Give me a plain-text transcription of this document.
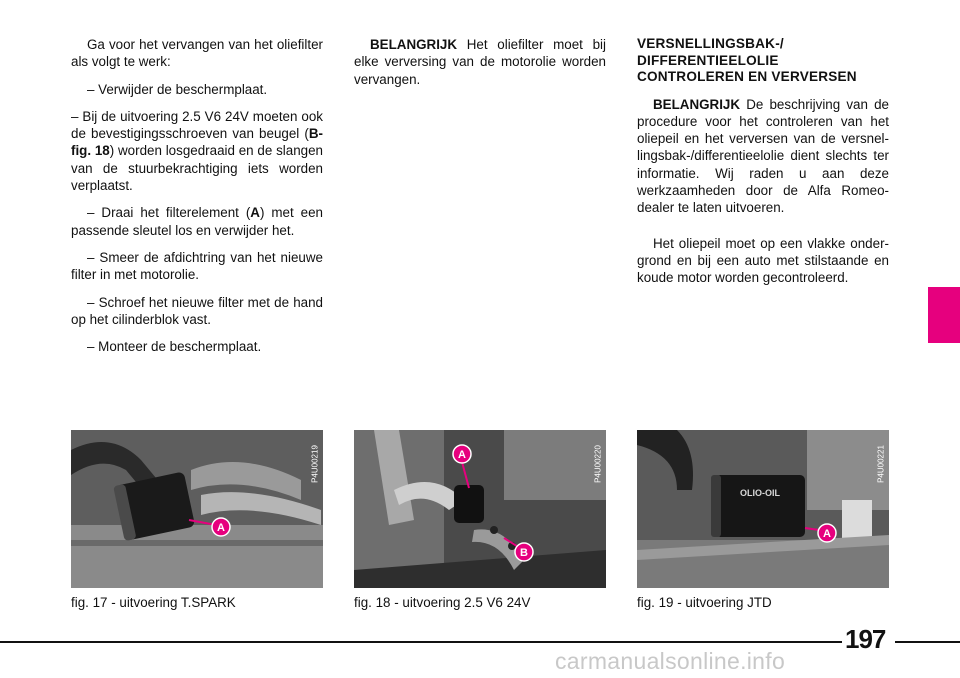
Ga voor het vervangen van het oliefilter als volgt te werk:

– Verwijder de beschermplaat.

– Bij de uitvoering 2.5 V6 24V moeten ook de bevestigingsschroeven van beugel (B-fig. 18) worden losgedraaid en de slangen van de stuurbekrachtiging iets worden verplaatst.

– Draai het filterelement (A) met een passende sleutel los en verwijder het.

– Smeer de afdichtring van het nieuwe filter in met motorolie.

– Schroef het nieuwe filter met de hand op het cilinderblok vast.

– Monteer de beschermplaat.

BELANGRIJK Het oliefilter moet bij elke verversing van de motorolie worden vervangen.

VERSNELLINGSBAK-/ DIFFERENTIEELOLIE CONTROLEREN EN VERVERSEN

BELANGRIJK De beschrijving van de procedure voor het controleren van het oliepeil en het verversen van de versnel-lingsbak-/differentieelolie dient slechts ter informatie. Wij raden u aan deze werkzaamheden door de Alfa Romeo-dealer te laten uitvoeren.

Het oliepeil moet op een vlakke onder-grond en bij een auto met stilstaande en koude motor worden gecontroleerd.

A
P4U00219	A
B
P4U00220
OLIO-OIL
A
P4U00221
fig. 17 - uitvoering T.SPARK	fig. 18 - uitvoering 2.5 V6 24V	fig. 19 - uitvoering JTD
197
carmanualsonline.info
